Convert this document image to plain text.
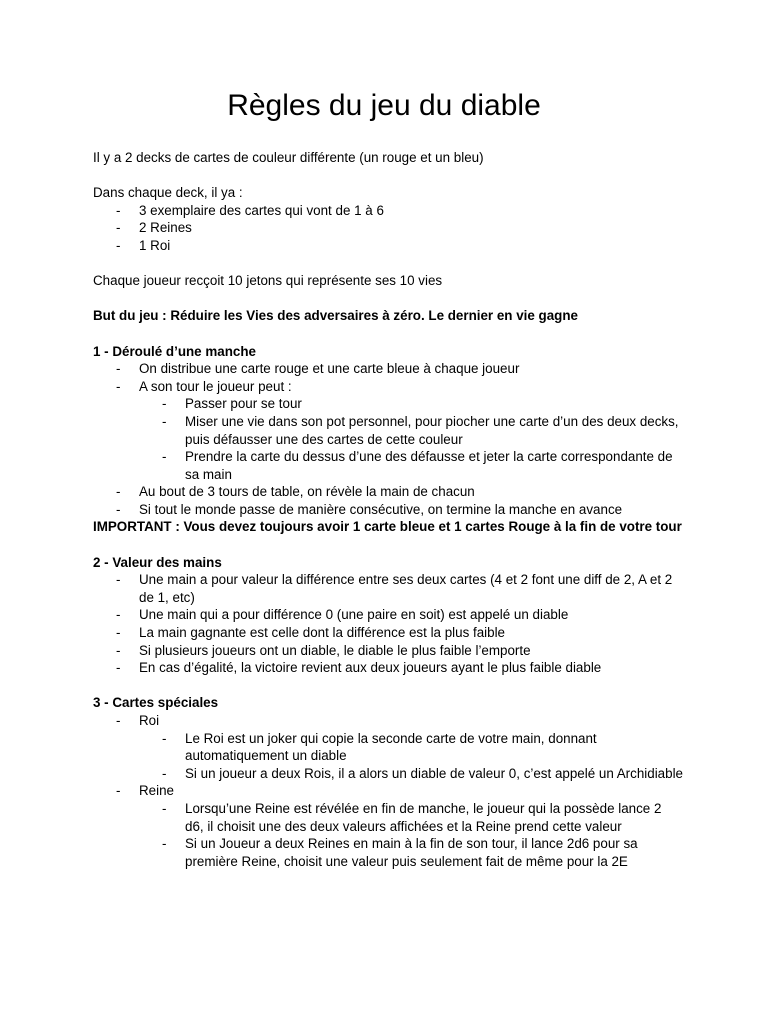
Règles du jeu du diable

Il y a 2 decks de cartes de couleur différente (un rouge et un bleu)

Dans chaque deck, il ya :

- 3 exemplaire des cartes qui vont de 1 à 6
- 2 Reines
- 1 Roi

Chaque joueur recçoit 10 jetons qui représente ses 10 vies

But du jeu : Réduire les Vies des adversaires à zéro. Le dernier en vie gagne

1 - Déroulé d’une manche

- On distribue une carte rouge et une carte bleue à chaque joueur
- A son tour le joueur peut :
- Passer pour se tour
- Miser une vie dans son pot personnel, pour piocher une carte d’un des deux decks, puis défausser une des cartes de cette couleur
- Prendre la carte du dessus d’une des défausse et jeter la carte correspondante de sa main
- Au bout de 3 tours de table, on révèle la main de chacun
- Si tout le monde passe de manière consécutive, on termine la manche en avance

IMPORTANT : Vous devez toujours avoir 1 carte bleue et 1 cartes Rouge à la fin de votre tour

2 - Valeur des mains

- Une main a pour valeur la différence entre ses deux cartes (4 et 2 font une diff de 2, A et 2 de 1, etc)
- Une main qui a pour différence 0 (une paire en soit) est appelé un diable
- La main gagnante est celle dont la différence est la plus faible
- Si plusieurs joueurs ont un diable, le diable le plus faible l’emporte
- En cas d’égalité, la victoire revient aux deux joueurs ayant le plus faible diable

3 - Cartes spéciales

- Roi
- Le Roi est un joker qui copie la seconde carte de votre main, donnant automatiquement un diable
- Si un joueur a deux Rois, il a alors un diable de valeur 0, c’est appelé un Archidiable
- Reine
- Lorsqu’une Reine est révélée en fin de manche, le joueur qui la possède lance 2 d6, il choisit une des deux valeurs affichées et la Reine prend cette valeur
- Si un Joueur a deux Reines en main à la fin de son tour, il lance 2d6 pour sa première Reine, choisit une valeur puis seulement fait de même pour la 2E
